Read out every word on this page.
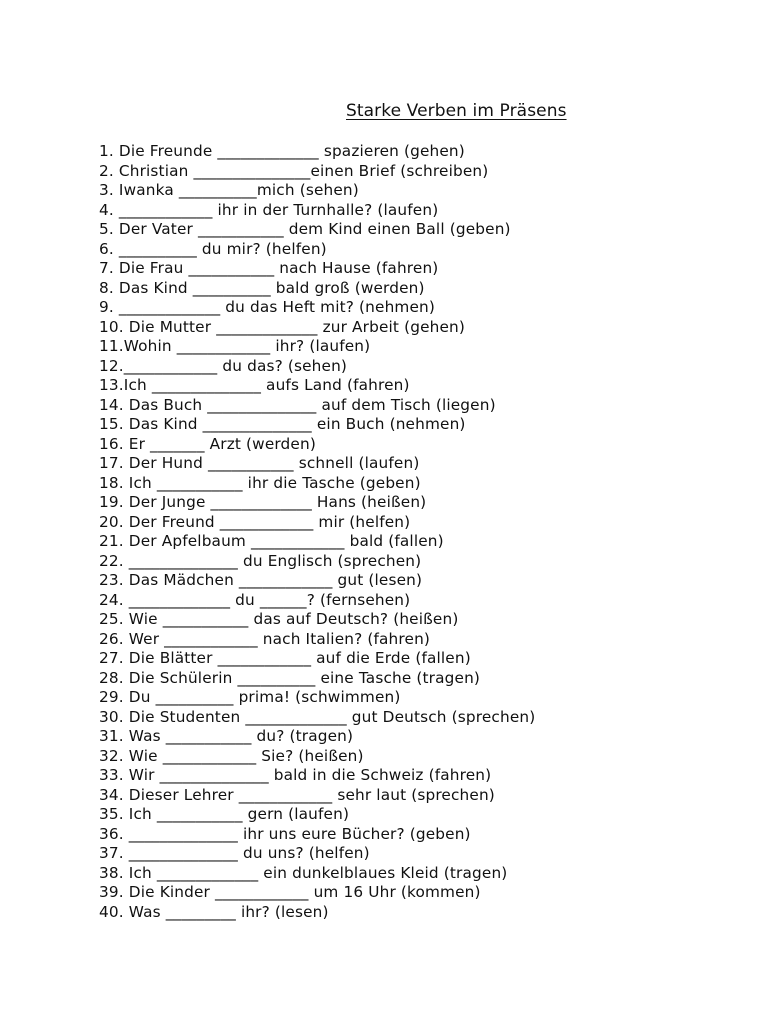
Starke Verben im Präsens
1. Die Freunde _____________ spazieren (gehen)
2. Christian _______________einen Brief (schreiben)
3. Iwanka __________mich (sehen)
4. ____________ ihr in der Turnhalle? (laufen)
5. Der Vater ___________ dem Kind einen Ball (geben)
6. __________ du mir? (helfen)
7. Die Frau ___________ nach Hause (fahren)
8. Das Kind __________ bald groß (werden)
9. _____________ du das Heft mit? (nehmen)
10. Die Mutter _____________ zur Arbeit (gehen)
11.Wohin ____________ ihr? (laufen)
12.____________ du das? (sehen)
13.Ich ______________ aufs Land (fahren)
14. Das Buch ______________ auf dem Tisch (liegen)
15. Das Kind ______________ ein Buch (nehmen)
16. Er _______ Arzt (werden)
17. Der Hund ___________ schnell (laufen)
18. Ich ___________ ihr die Tasche (geben)
19. Der Junge _____________ Hans (heißen)
20. Der Freund ____________ mir (helfen)
21. Der Apfelbaum ____________ bald (fallen)
22. ______________ du Englisch (sprechen)
23. Das Mädchen ____________ gut (lesen)
24. _____________ du ______? (fernsehen)
25. Wie ___________ das auf Deutsch? (heißen)
26. Wer ____________ nach Italien? (fahren)
27. Die Blätter ____________ auf die Erde (fallen)
28. Die Schülerin __________ eine Tasche (tragen)
29. Du __________ prima! (schwimmen)
30. Die Studenten _____________ gut Deutsch (sprechen)
31. Was ___________ du? (tragen)
32. Wie ____________ Sie? (heißen)
33. Wir ______________ bald in die Schweiz (fahren)
34. Dieser Lehrer ____________ sehr laut (sprechen)
35. Ich ___________ gern (laufen)
36. ______________ ihr uns eure Bücher? (geben)
37. ______________ du uns? (helfen)
38. Ich _____________ ein dunkelblaues Kleid (tragen)
39. Die Kinder ____________ um 16 Uhr (kommen)
40. Was _________ ihr? (lesen)
